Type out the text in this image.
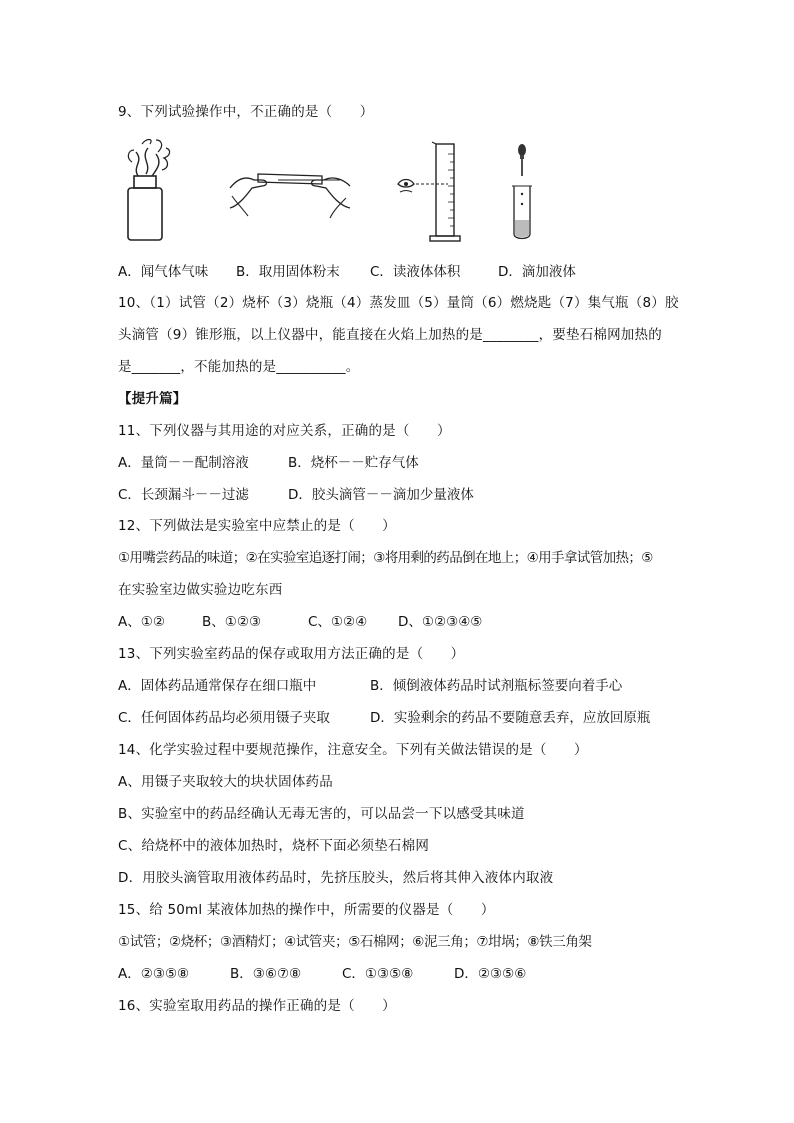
9、下列试验操作中，不正确的是（　　）
A．闻气体气味 B．取用固体粉末 C．读液体体积	D．滴加液体
10、（1）试管（2）烧杯（3）烧瓶（4）蒸发皿（5）量筒（6）燃烧匙（7）集气瓶（8）胶
头滴管（9）锥形瓶，以上仪器中，能直接在火焰上加热的是________，要垫石棉网加热的
是_______，不能加热的是__________。
【提升篇】
11、下列仪器与其用途的对应关系，正确的是（　　）
A．量筒－－配制溶液	B．烧杯－－贮存气体
C．长颈漏斗－－过滤	D．胶头滴管－－滴加少量液体
12、下列做法是实验室中应禁止的是（　　）
①用嘴尝药品的味道；②在实验室追逐打闹；③将用剩的药品倒在地上；④用手拿试管加热；⑤
在实验室边做实验边吃东西
A、①②	B、①②③	C、①②④ D、①②③④⑤
13、下列实验室药品的保存或取用方法正确的是（　　）
A．固体药品通常保存在细口瓶中	B．倾倒液体药品时试剂瓶标签要向着手心
C．任何固体药品均必须用镊子夹取	D．实验剩余的药品不要随意丢弃，应放回原瓶
14、化学实验过程中要规范操作，注意安全。下列有关做法错误的是（　　）
A、用镊子夹取较大的块状固体药品
B、实验室中的药品经确认无毒无害的，可以品尝一下以感受其味道
C、给烧杯中的液体加热时，烧杯下面必须垫石棉网
D．用胶头滴管取用液体药品时，先挤压胶头，然后将其伸入液体内取液
15、给 50ml 某液体加热的操作中，所需要的仪器是（　　）
①试管；②烧杯；③酒精灯；④试管夹；⑤石棉网；⑥泥三角；⑦坩埚；⑧铁三角架
A．②③⑤⑧	B．③⑥⑦⑧	C．①③⑤⑧	D．②③⑤⑥
16、实验室取用药品的操作正确的是（　　）
